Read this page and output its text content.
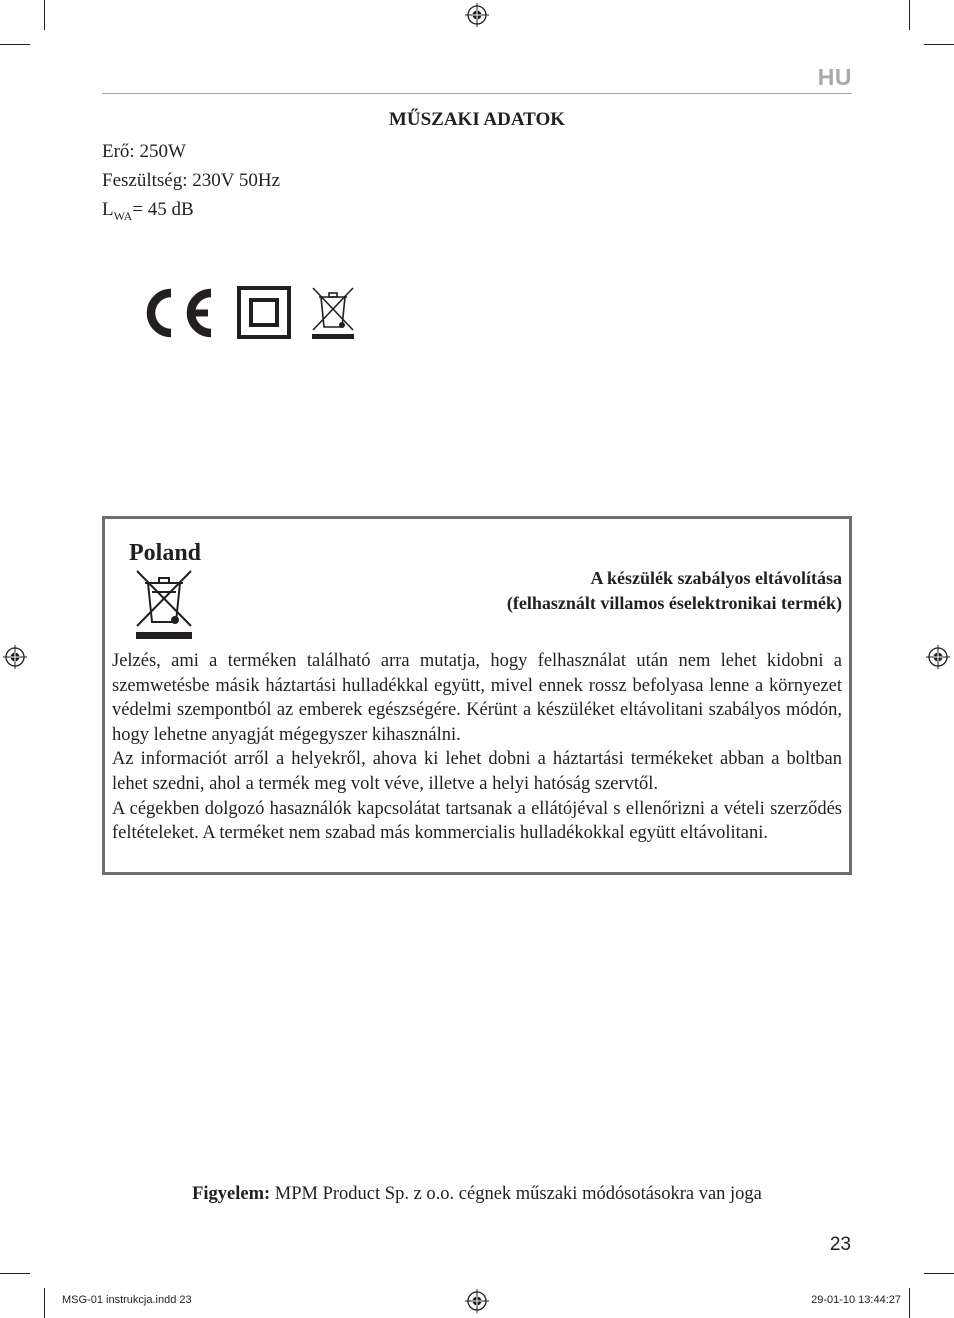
HU
MŰSZAKI ADATOK
Erő: 250W
Feszültség: 230V 50Hz
$L_{WA}= 45$ dB
Poland
A készülék szabályos eltávolítása
(felhasznált villamos éselektronikai termék)

Jelzés, ami a terméken található arra mutatja, hogy felhasználat után nem lehet kidobni a szemwetésbe másik háztartási hulladékkal együtt, mivel ennek rossz befolyasa lenne a környezet védelmi szempontból az emberek egészségére. Kérünt a készüléket eltávolitani szabályos módón, hogy lehetne anyagját mégegyszer kihasználni.

Az informaciót arről a helyekről, ahova ki lehet dobni a háztartási termékeket abban a boltban lehet szedni, ahol a termék meg volt véve, illetve a helyi hatóság szervtől.

A cégekben dolgozó hasaználók kapcsolátat tartsanak a ellátójéval s ellenőrizni a vételi szerződés feltételeket. A terméket nem szabad más kommercialis hulladékokkal együtt eltávolitani.

Figyelem: MPM Product Sp. z o.o. cégnek műszaki módósotásokra van joga
23
MSG-01 instrukcja.indd 23	29-01-10 13:44:27
